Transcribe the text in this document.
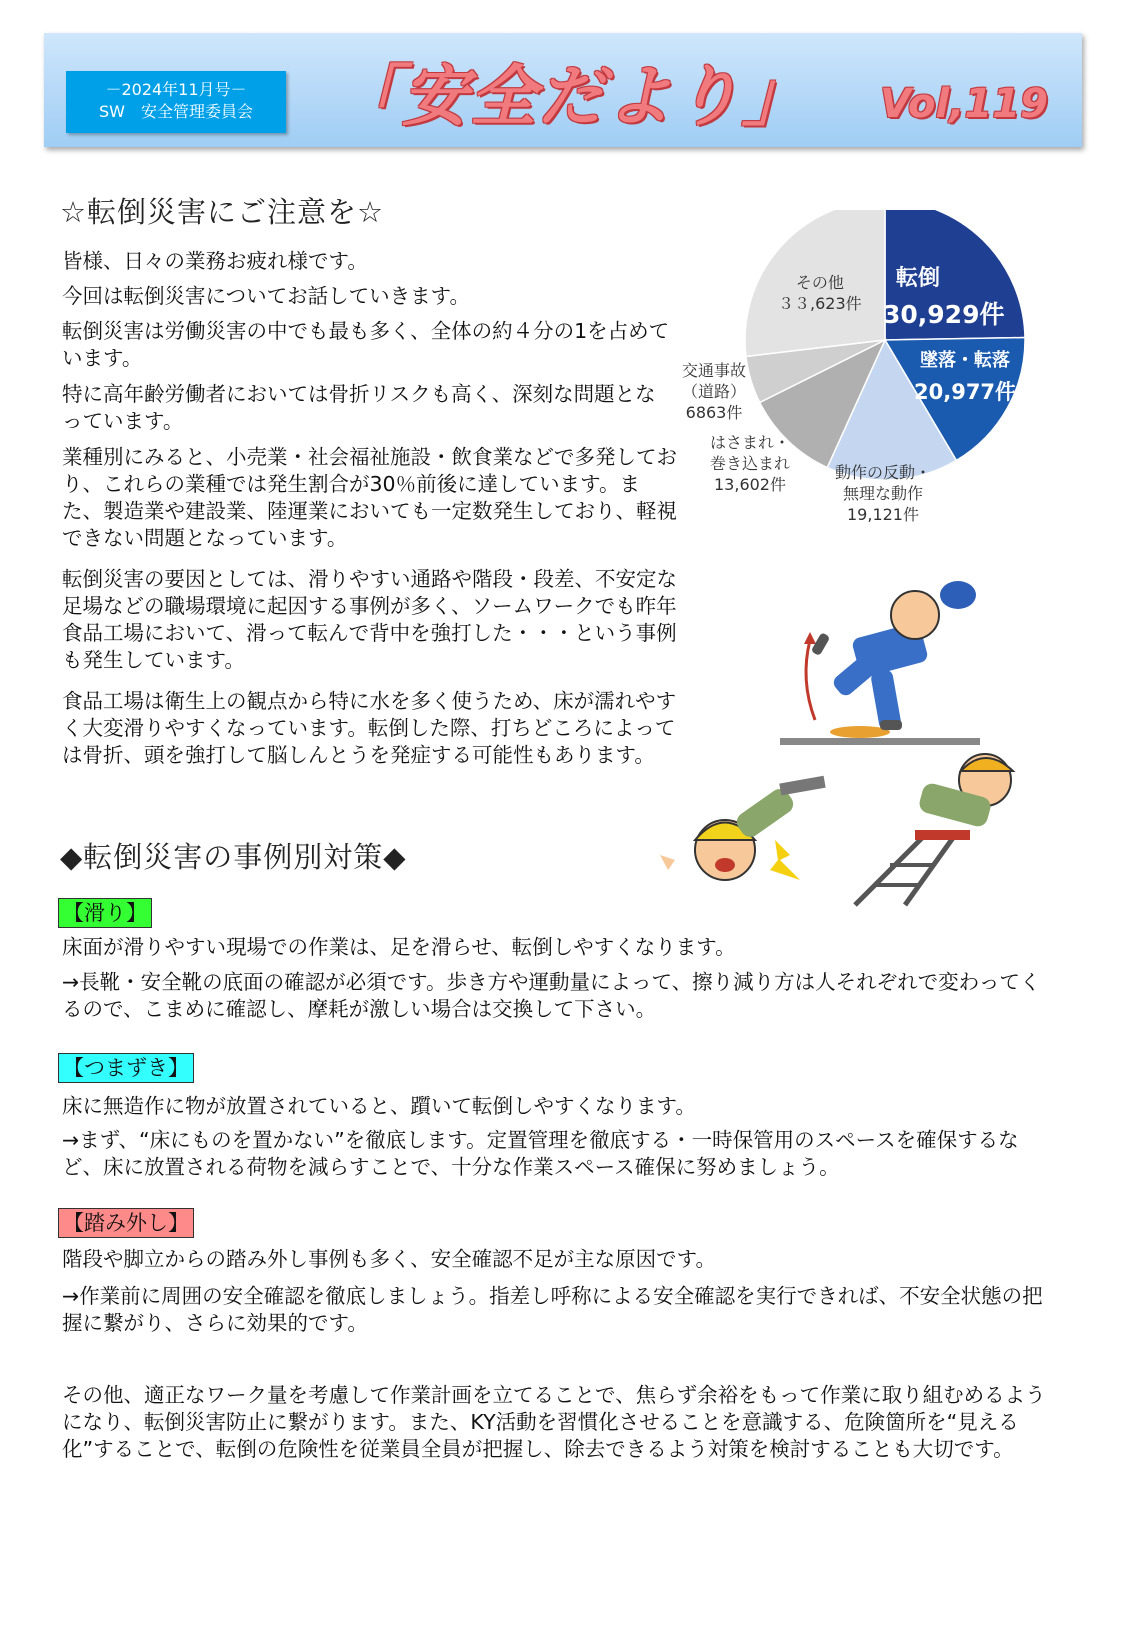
－2024年11月号－
SW　安全管理委員会	「安全だより」 Vol,119
☆転倒災害にご注意を☆
皆様、日々の業務お疲れ様です。
今回は転倒災害についてお話していきます。
転倒災害は労働災害の中でも最も多く、全体の約４分の1を占めています。
特に高年齢労働者においては骨折リスクも高く、深刻な問題となっています。
業種別にみると、小売業・社会福祉施設・飲食業などで多発しており、これらの業種では発生割合が30％前後に達しています。また、製造業や建設業、陸運業においても一定数発生しており、軽視できない問題となっています。
転倒災害の要因としては、滑りやすい通路や階段・段差、不安定な足場などの職場環境に起因する事例が多く、ソームワークでも昨年食品工場において、滑って転んで背中を強打した・・・という事例も発生しています。
食品工場は衛生上の観点から特に水を多く使うため、床が濡れやすく大変滑りやすくなっています。転倒した際、打ちどころによっては骨折、頭を強打して脳しんとうを発症する可能性もあります。
転倒
30,929件
墜落・転落
20,977件
動作の反動・
無理な動作
19,121件
はさまれ・
巻き込まれ
13,602件
交通事故
（道路）
6863件
その他
３３,623件
◆転倒災害の事例別対策◆
【滑り】
床面が滑りやすい現場での作業は、足を滑らせ、転倒しやすくなります。
→長靴・安全靴の底面の確認が必須です。歩き方や運動量によって、擦り減り方は人それぞれで変わってくるので、こまめに確認し、摩耗が激しい場合は交換して下さい。
【つまずき】
床に無造作に物が放置されていると、躓いて転倒しやすくなります。
→まず、“床にものを置かない”を徹底します。定置管理を徹底する・一時保管用のスペースを確保するなど、床に放置される荷物を減らすことで、十分な作業スペース確保に努めましょう。
【踏み外し】
階段や脚立からの踏み外し事例も多く、安全確認不足が主な原因です。
→作業前に周囲の安全確認を徹底しましょう。指差し呼称による安全確認を実行できれば、不安全状態の把握に繋がり、さらに効果的です。
その他、適正なワーク量を考慮して作業計画を立てることで、焦らず余裕をもって作業に取り組むめるようになり、転倒災害防止に繋がります。また、KY活動を習慣化させることを意識する、危険箇所を“見える化”することで、転倒の危険性を従業員全員が把握し、除去できるよう対策を検討することも大切です。
